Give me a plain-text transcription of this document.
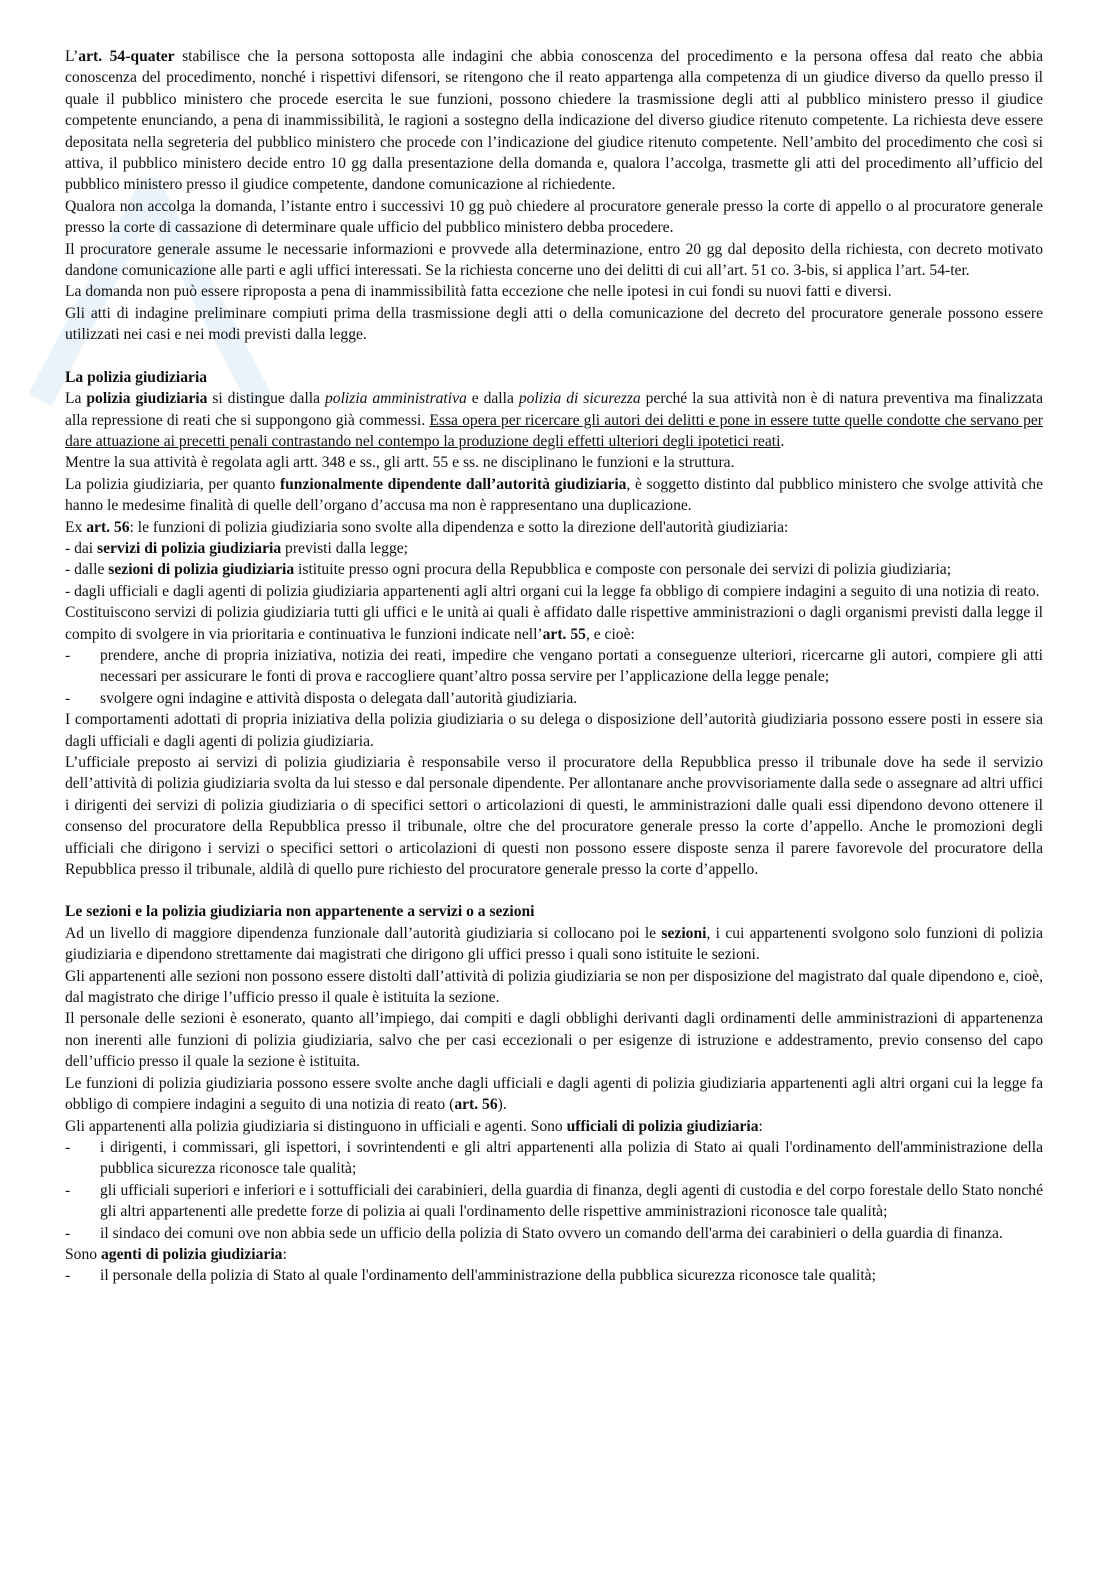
L’art. 54-quater stabilisce che la persona sottoposta alle indagini che abbia conoscenza del procedimento e la persona offesa dal reato che abbia conoscenza del procedimento, nonché i rispettivi difensori, se ritengono che il reato appartenga alla competenza di un giudice diverso da quello presso il quale il pubblico ministero che procede esercita le sue funzioni, possono chiedere la trasmissione degli atti al pubblico ministero presso il giudice competente enunciando, a pena di inammissibilità, le ragioni a sostegno della indicazione del diverso giudice ritenuto competente. La richiesta deve essere depositata nella segreteria del pubblico ministero che procede con l’indicazione del giudice ritenuto competente. Nell’ambito del procedimento che così si attiva, il pubblico ministero decide entro 10 gg dalla presentazione della domanda e, qualora l’accolga, trasmette gli atti del procedimento all’ufficio del pubblico ministero presso il giudice competente, dandone comunicazione al richiedente.

Qualora non accolga la domanda, l’istante entro i successivi 10 gg può chiedere al procuratore generale presso la corte di appello o al procuratore generale presso la corte di cassazione di determinare quale ufficio del pubblico ministero debba procedere.

Il procuratore generale assume le necessarie informazioni e provvede alla determinazione, entro 20 gg dal deposito della richiesta, con decreto motivato dandone comunicazione alle parti e agli uffici interessati. Se la richiesta concerne uno dei delitti di cui all’art. 51 co. 3-bis, si applica l’art. 54-ter.

La domanda non può essere riproposta a pena di inammissibilità fatta eccezione che nelle ipotesi in cui fondi su nuovi fatti e diversi.

Gli atti di indagine preliminare compiuti prima della trasmissione degli atti o della comunicazione del decreto del procuratore generale possono essere utilizzati nei casi e nei modi previsti dalla legge.

La polizia giudiziaria

La polizia giudiziaria si distingue dalla polizia amministrativa e dalla polizia di sicurezza perché la sua attività non è di natura preventiva ma finalizzata alla repressione di reati che si suppongono già commessi. Essa opera per ricercare gli autori dei delitti e pone in essere tutte quelle condotte che servano per dare attuazione ai precetti penali contrastando nel contempo la produzione degli effetti ulteriori degli ipotetici reati.

Mentre la sua attività è regolata agli artt. 348 e ss., gli artt. 55 e ss. ne disciplinano le funzioni e la struttura.

La polizia giudiziaria, per quanto funzionalmente dipendente dall’autorità giudiziaria, è soggetto distinto dal pubblico ministero che svolge attività che hanno le medesime finalità di quelle dell’organo d’accusa ma non è rappresentano una duplicazione.

Ex art. 56: le funzioni di polizia giudiziaria sono svolte alla dipendenza e sotto la direzione dell'autorità giudiziaria:

- dai servizi di polizia giudiziaria previsti dalla legge;

- dalle sezioni di polizia giudiziaria istituite presso ogni procura della Repubblica e composte con personale dei servizi di polizia giudiziaria;

- dagli ufficiali e dagli agenti di polizia giudiziaria appartenenti agli altri organi cui la legge fa obbligo di compiere indagini a seguito di una notizia di reato.

Costituiscono servizi di polizia giudiziaria tutti gli uffici e le unità ai quali è affidato dalle rispettive amministrazioni o dagli organismi previsti dalla legge il compito di svolgere in via prioritaria e continuativa le funzioni indicate nell’art. 55, e cioè:

-	prendere, anche di propria iniziativa, notizia dei reati, impedire che vengano portati a conseguenze ulteriori, ricercarne gli autori, compiere gli atti necessari per assicurare le fonti di prova e raccogliere quant’altro possa servire per l’applicazione della legge penale;
-	svolgere ogni indagine e attività disposta o delegata dall’autorità giudiziaria.

I comportamenti adottati di propria iniziativa della polizia giudiziaria o su delega o disposizione dell’autorità giudiziaria possono essere posti in essere sia dagli ufficiali e dagli agenti di polizia giudiziaria.

L’ufficiale preposto ai servizi di polizia giudiziaria è responsabile verso il procuratore della Repubblica presso il tribunale dove ha sede il servizio dell’attività di polizia giudiziaria svolta da lui stesso e dal personale dipendente. Per allontanare anche provvisoriamente dalla sede o assegnare ad altri uffici i dirigenti dei servizi di polizia giudiziaria o di specifici settori o articolazioni di questi, le amministrazioni dalle quali essi dipendono devono ottenere il consenso del procuratore della Repubblica presso il tribunale, oltre che del procuratore generale presso la corte d’appello. Anche le promozioni degli ufficiali che dirigono i servizi o specifici settori o articolazioni di questi non possono essere disposte senza il parere favorevole del procuratore della Repubblica presso il tribunale, aldilà di quello pure richiesto del procuratore generale presso la corte d’appello.

Le sezioni e la polizia giudiziaria non appartenente a servizi o a sezioni

Ad un livello di maggiore dipendenza funzionale dall’autorità giudiziaria si collocano poi le sezioni, i cui appartenenti svolgono solo funzioni di polizia giudiziaria e dipendono strettamente dai magistrati che dirigono gli uffici presso i quali sono istituite le sezioni.

Gli appartenenti alle sezioni non possono essere distolti dall’attività di polizia giudiziaria se non per disposizione del magistrato dal quale dipendono e, cioè, dal magistrato che dirige l’ufficio presso il quale è istituita la sezione.

Il personale delle sezioni è esonerato, quanto all’impiego, dai compiti e dagli obblighi derivanti dagli ordinamenti delle amministrazioni di appartenenza non inerenti alle funzioni di polizia giudiziaria, salvo che per casi eccezionali o per esigenze di istruzione e addestramento, previo consenso del capo dell’ufficio presso il quale la sezione è istituita.

Le funzioni di polizia giudiziaria possono essere svolte anche dagli ufficiali e dagli agenti di polizia giudiziaria appartenenti agli altri organi cui la legge fa obbligo di compiere indagini a seguito di una notizia di reato (art. 56).

Gli appartenenti alla polizia giudiziaria si distinguono in ufficiali e agenti. Sono ufficiali di polizia giudiziaria:

-	i dirigenti, i commissari, gli ispettori, i sovrintendenti e gli altri appartenenti alla polizia di Stato ai quali l'ordinamento dell'amministrazione della pubblica sicurezza riconosce tale qualità;
-	gli ufficiali superiori e inferiori e i sottufficiali dei carabinieri, della guardia di finanza, degli agenti di custodia e del corpo forestale dello Stato nonché gli altri appartenenti alle predette forze di polizia ai quali l'ordinamento delle rispettive amministrazioni riconosce tale qualità;
-	il sindaco dei comuni ove non abbia sede un ufficio della polizia di Stato ovvero un comando dell'arma dei carabinieri o della guardia di finanza.

Sono agenti di polizia giudiziaria:

-	il personale della polizia di Stato al quale l'ordinamento dell'amministrazione della pubblica sicurezza riconosce tale qualità;
